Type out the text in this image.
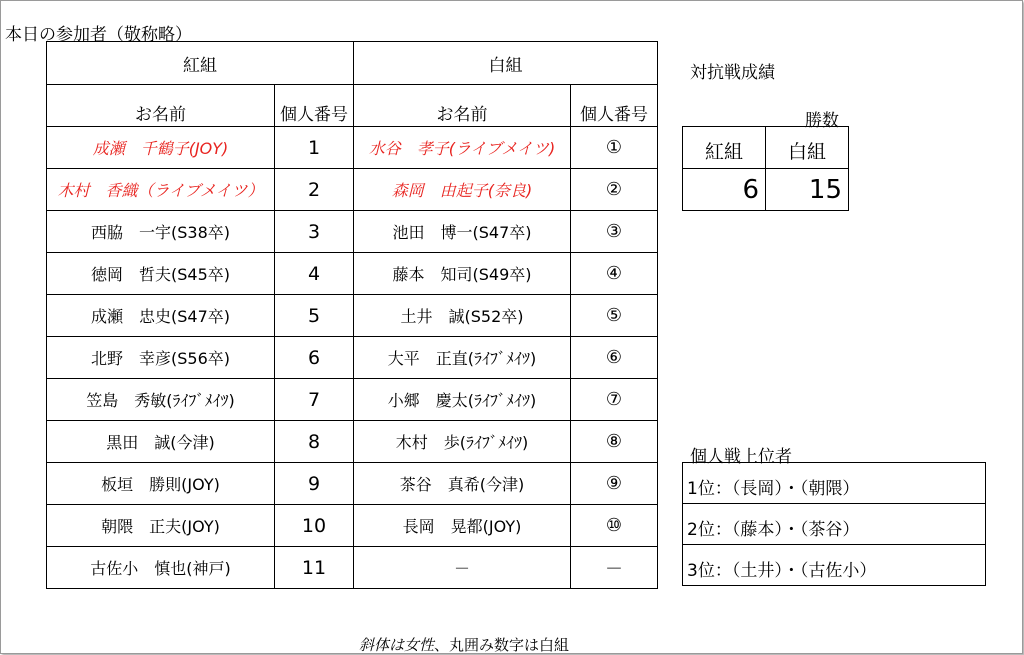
本日の参加者（敬称略）
紅組		白組	
お名前	個人番号	お名前	個人番号
成瀬　千鶴子(JOY)	1	水谷　孝子(ライブメイツ)	①
木村　香織（ライブメイツ）	2	森岡　由起子(奈良)	②
西脇　一宇(S38卒)	3	池田　博一(S47卒)	③
徳岡　哲夫(S45卒)	4	藤本　知司(S49卒)	④
成瀬　忠史(S47卒)	5	土井　誠(S52卒)	⑤
北野　幸彦(S56卒)	6	大平　正直(ﾗｲﾌﾞﾒｲﾂ)	⑥
笠島　秀敏(ﾗｲﾌﾞﾒｲﾂ)	7	小郷　慶太(ﾗｲﾌﾞﾒｲﾂ)	⑦
黒田　誠(今津)	8	木村　歩(ﾗｲﾌﾞﾒｲﾂ)	⑧
板垣　勝則(JOY)	9	茶谷　真希(今津)	⑨
朝隈　正夫(JOY)	10	長岡　晃都(JOY)	⑩
古佐小　慎也(神戸)	11	－	－
対抗戦成績
勝数
紅組	白組
6	15
個人戦上位者
1位：（長岡）・（朝隈）
2位：（藤本）・（茶谷）
3位：（土井）・（古佐小）
斜体は女性、丸囲み数字は白組
